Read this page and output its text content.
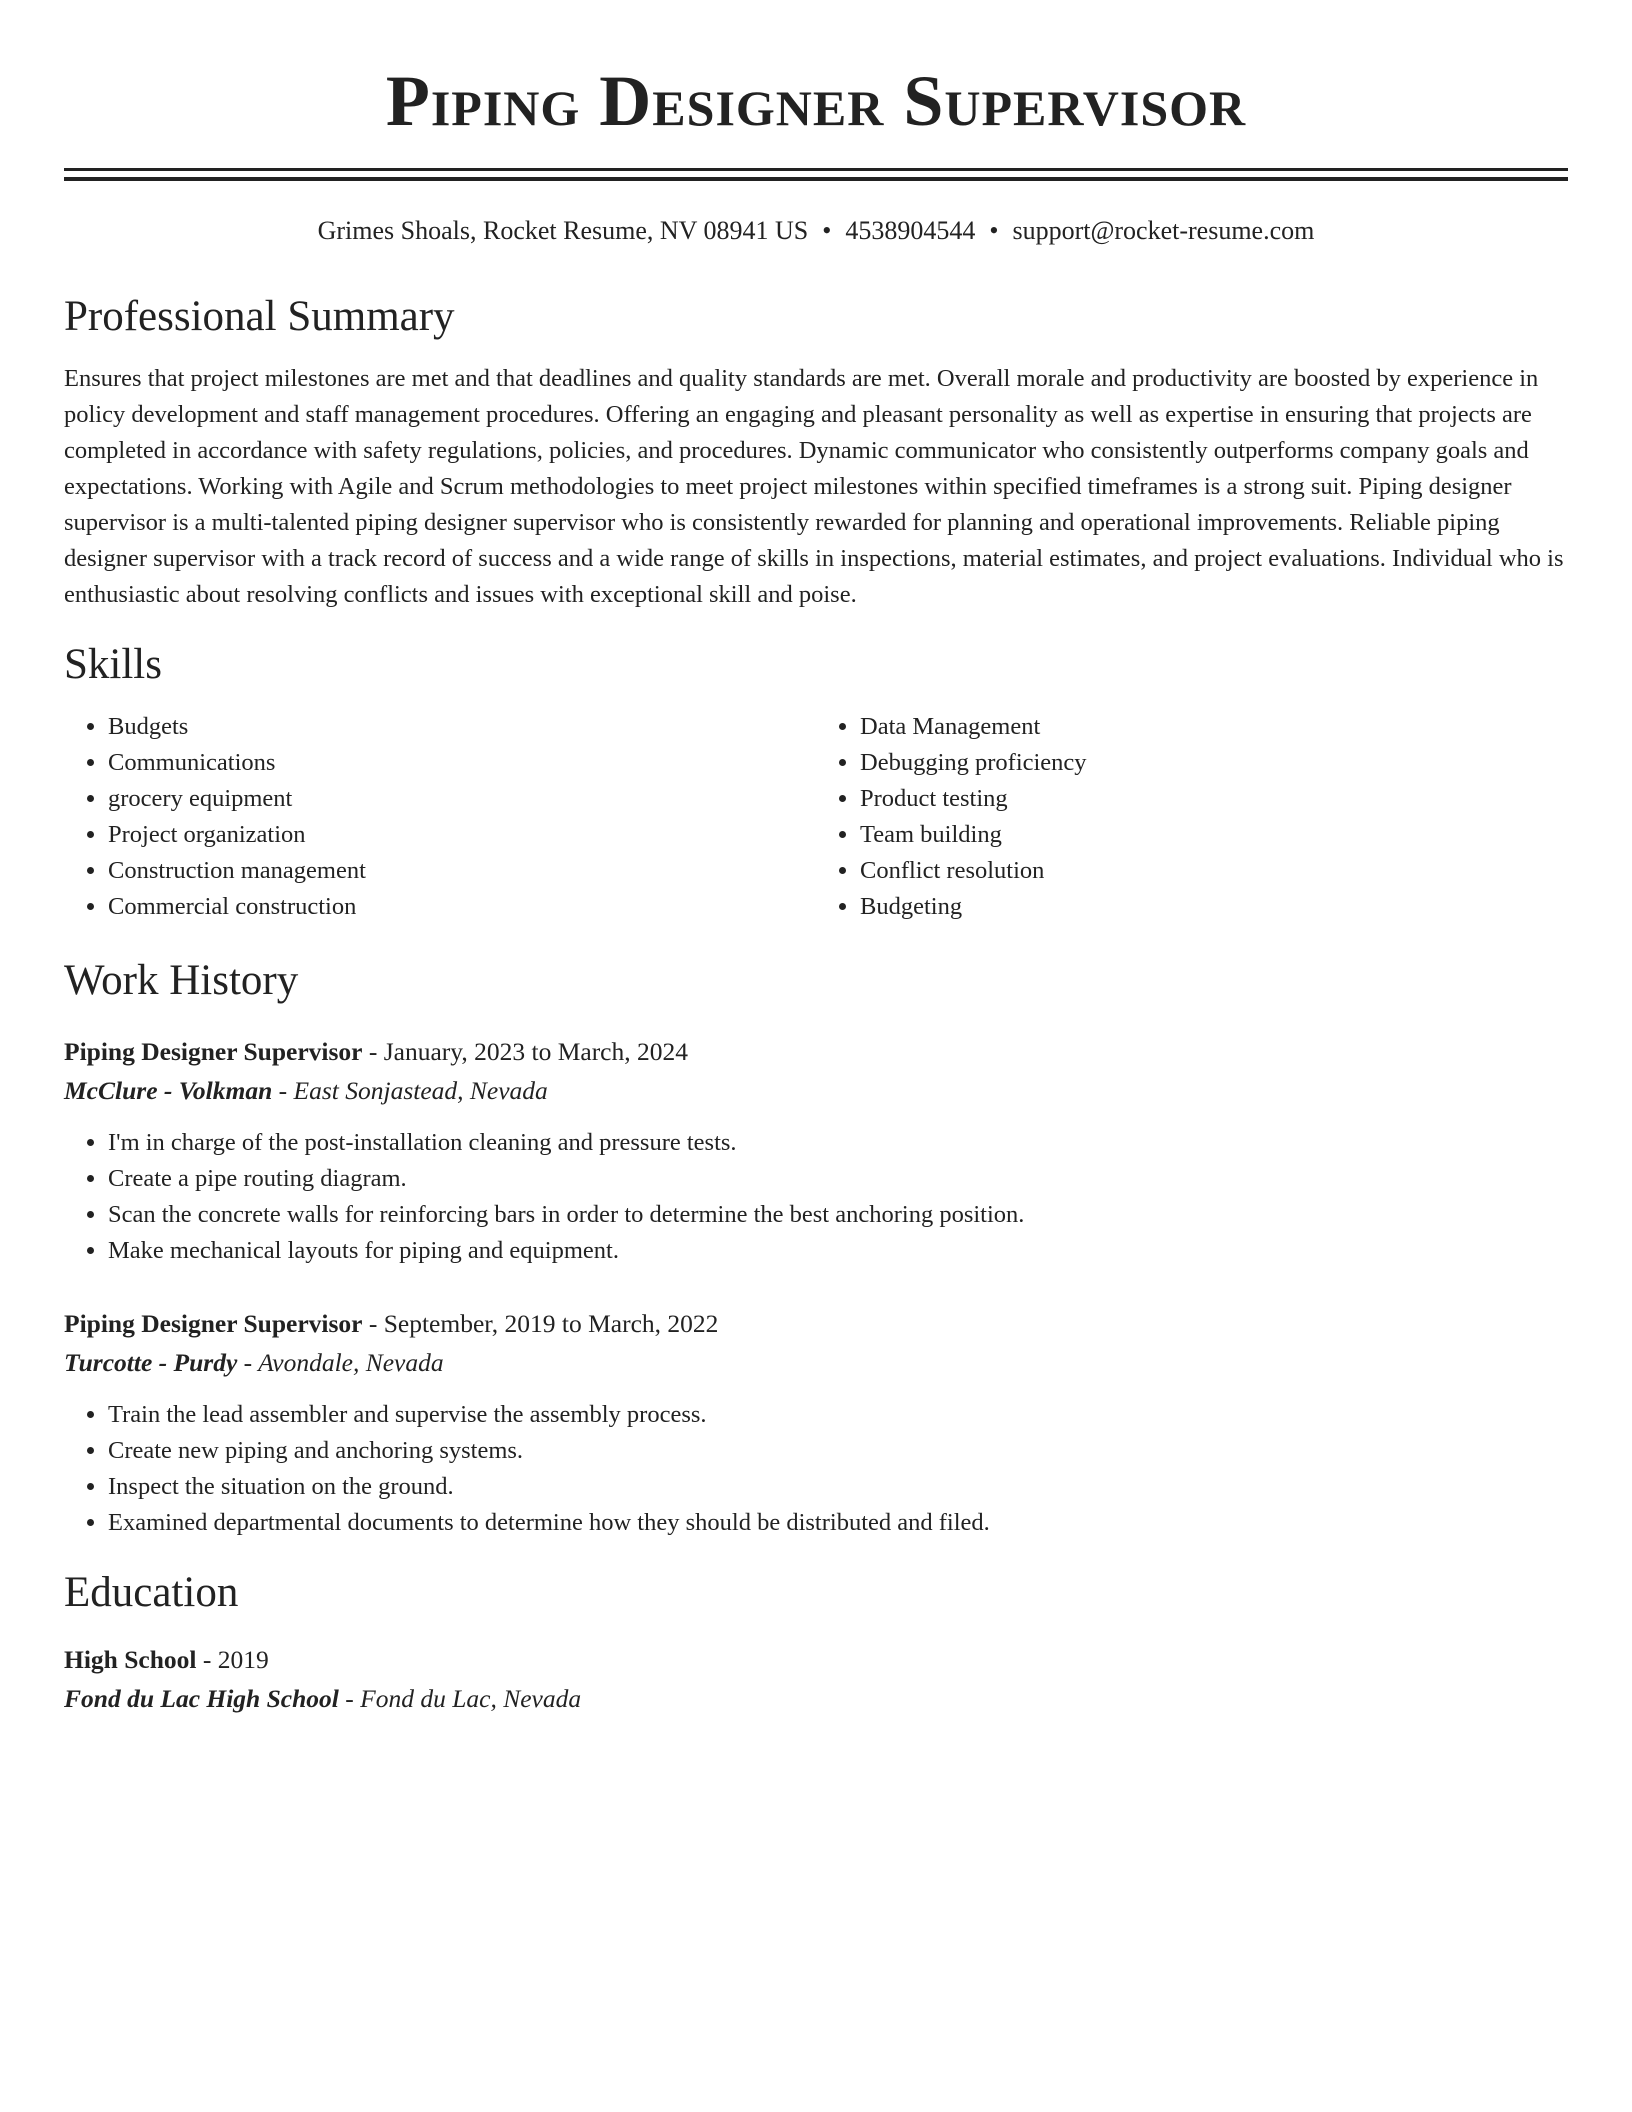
Piping Designer Supervisor
Grimes Shoals, Rocket Resume, NV 08941 US • 4538904544 • support@rocket-resume.com
Professional Summary

Ensures that project milestones are met and that deadlines and quality standards are met. Overall morale and productivity are boosted by experience in policy development and staff management procedures. Offering an engaging and pleasant personality as well as expertise in ensuring that projects are completed in accordance with safety regulations, policies, and procedures. Dynamic communicator who consistently outperforms company goals and expectations. Working with Agile and Scrum methodologies to meet project milestones within specified timeframes is a strong suit. Piping designer supervisor is a multi-talented piping designer supervisor who is consistently rewarded for planning and operational improvements. Reliable piping designer supervisor with a track record of success and a wide range of skills in inspections, material estimates, and project evaluations. Individual who is enthusiastic about resolving conflicts and issues with exceptional skill and poise.

Skills
• Budgets
• Communications
• grocery equipment
• Project organization
• Construction management
• Commercial construction
• Data Management
• Debugging proficiency
• Product testing
• Team building
• Conflict resolution
• Budgeting
Work History
Piping Designer Supervisor - January, 2023 to March, 2024
McClure - Volkman - East Sonjastead, Nevada
• I'm in charge of the post-installation cleaning and pressure tests.
• Create a pipe routing diagram.
• Scan the concrete walls for reinforcing bars in order to determine the best anchoring position.
• Make mechanical layouts for piping and equipment.
Piping Designer Supervisor - September, 2019 to March, 2022
Turcotte - Purdy - Avondale, Nevada
• Train the lead assembler and supervise the assembly process.
• Create new piping and anchoring systems.
• Inspect the situation on the ground.
• Examined departmental documents to determine how they should be distributed and filed.
Education
High School - 2019
Fond du Lac High School - Fond du Lac, Nevada
